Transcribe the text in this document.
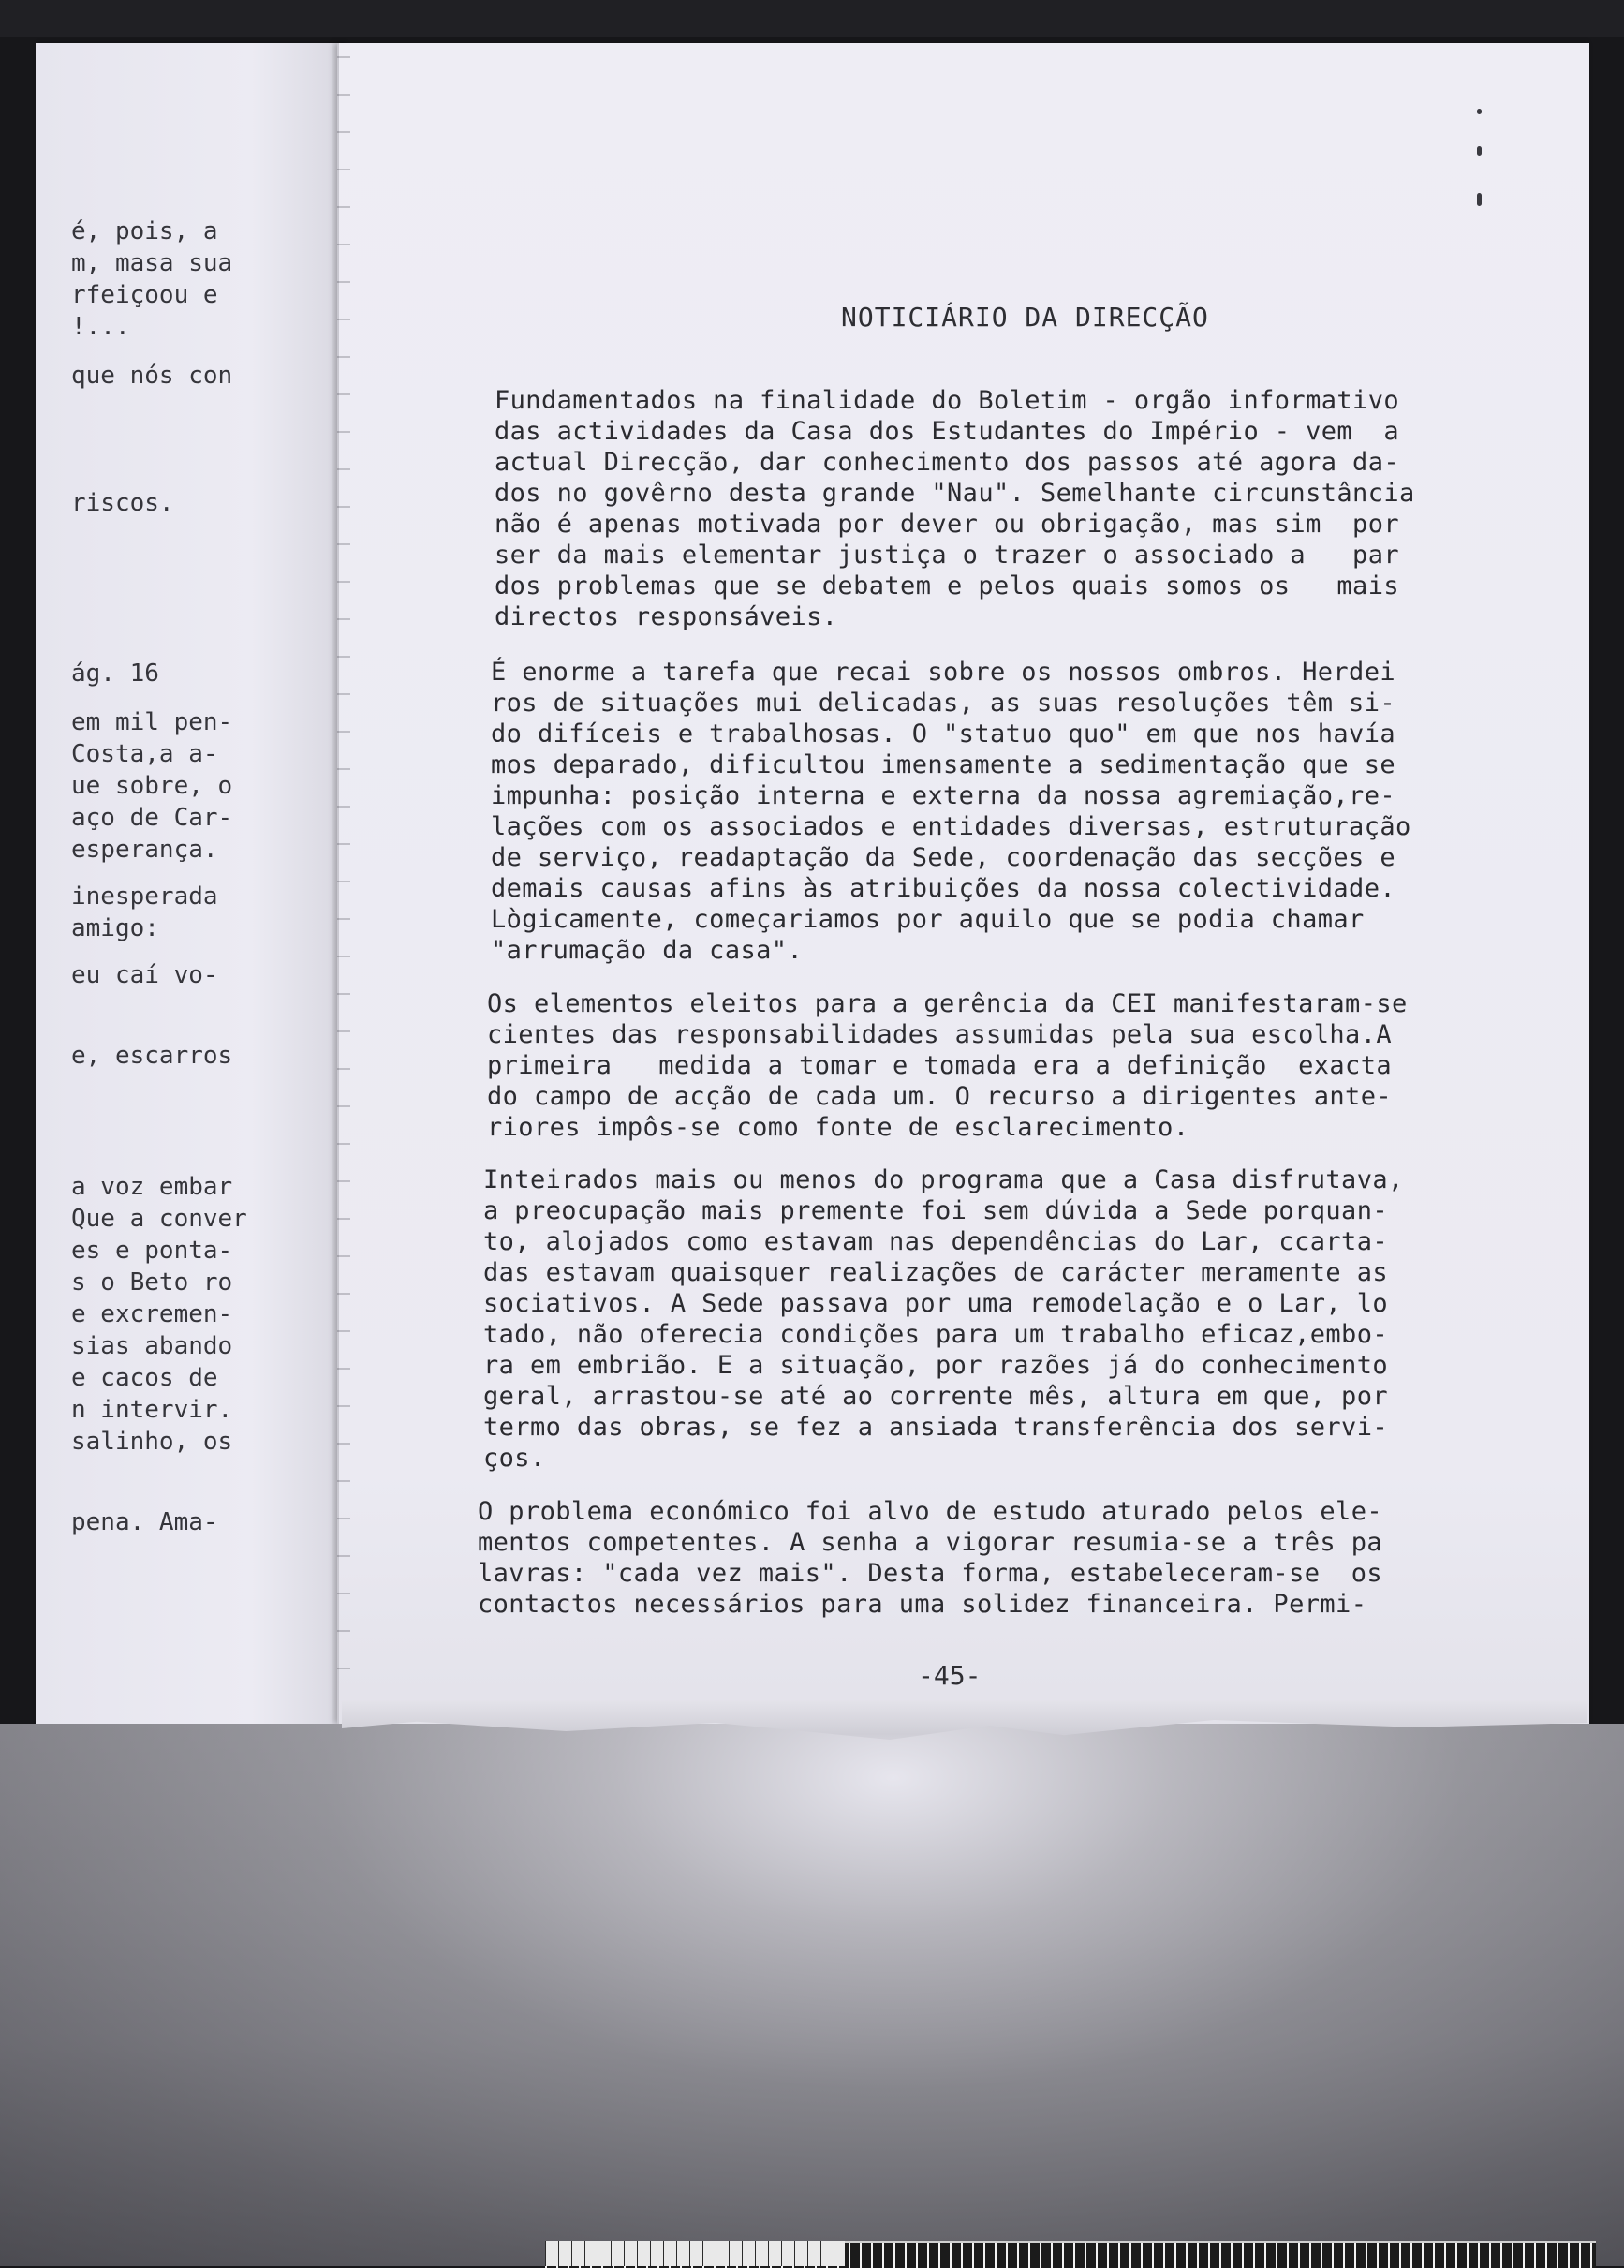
é, pois, a
m, masa sua
rfeiçoou e
!...
que nós con
riscos.
ág. 16
em mil pen-
Costa,a a-
ue sobre, o
aço de Car-
esperança.
inesperada
amigo:
eu caí vo-
e, escarros
a voz embar
Que a conver
es e ponta-
s o Beto ro
e excremen-
sias abando
e cacos de
n intervir.
salinho, os
pena. Ama-
NOTICIÁRIO DA DIRECÇÃO
Fundamentados na finalidade do Boletim - orgão informativo
das actividades da Casa dos Estudantes do Império - vem  a
actual Direcção, dar conhecimento dos passos até agora da-
dos no govêrno desta grande "Nau". Semelhante circunstância
não é apenas motivada por dever ou obrigação, mas sim  por
ser da mais elementar justiça o trazer o associado a   par
dos problemas que se debatem e pelos quais somos os   mais
directos responsáveis.
É enorme a tarefa que recai sobre os nossos ombros. Herdei
ros de situações mui delicadas, as suas resoluções têm si-
do difíceis e trabalhosas. O "statuo quo" em que nos havía
mos deparado, dificultou imensamente a sedimentação que se
impunha: posição interna e externa da nossa agremiação,re-
lações com os associados e entidades diversas, estruturação
de serviço, readaptação da Sede, coordenação das secções e
demais causas afins às atribuições da nossa colectividade.
Lògicamente, começariamos por aquilo que se podia chamar
"arrumação da casa".
Os elementos eleitos para a gerência da CEI manifestaram-se
cientes das responsabilidades assumidas pela sua escolha.A
primeira   medida a tomar e tomada era a definição  exacta
do campo de acção de cada um. O recurso a dirigentes ante-
riores impôs-se como fonte de esclarecimento.
Inteirados mais ou menos do programa que a Casa disfrutava,
a preocupação mais premente foi sem dúvida a Sede porquan-
to, alojados como estavam nas dependências do Lar, ccarta-
das estavam quaisquer realizações de carácter meramente as
sociativos. A Sede passava por uma remodelação e o Lar, lo
tado, não oferecia condições para um trabalho eficaz,embo-
ra em embrião. E a situação, por razões já do conhecimento
geral, arrastou-se até ao corrente mês, altura em que, por
termo das obras, se fez a ansiada transferência dos servi-
ços.
O problema económico foi alvo de estudo aturado pelos ele-
mentos competentes. A senha a vigorar resumia-se a três pa
lavras: "cada vez mais". Desta forma, estabeleceram-se  os
contactos necessários para uma solidez financeira. Permi-
-45-
